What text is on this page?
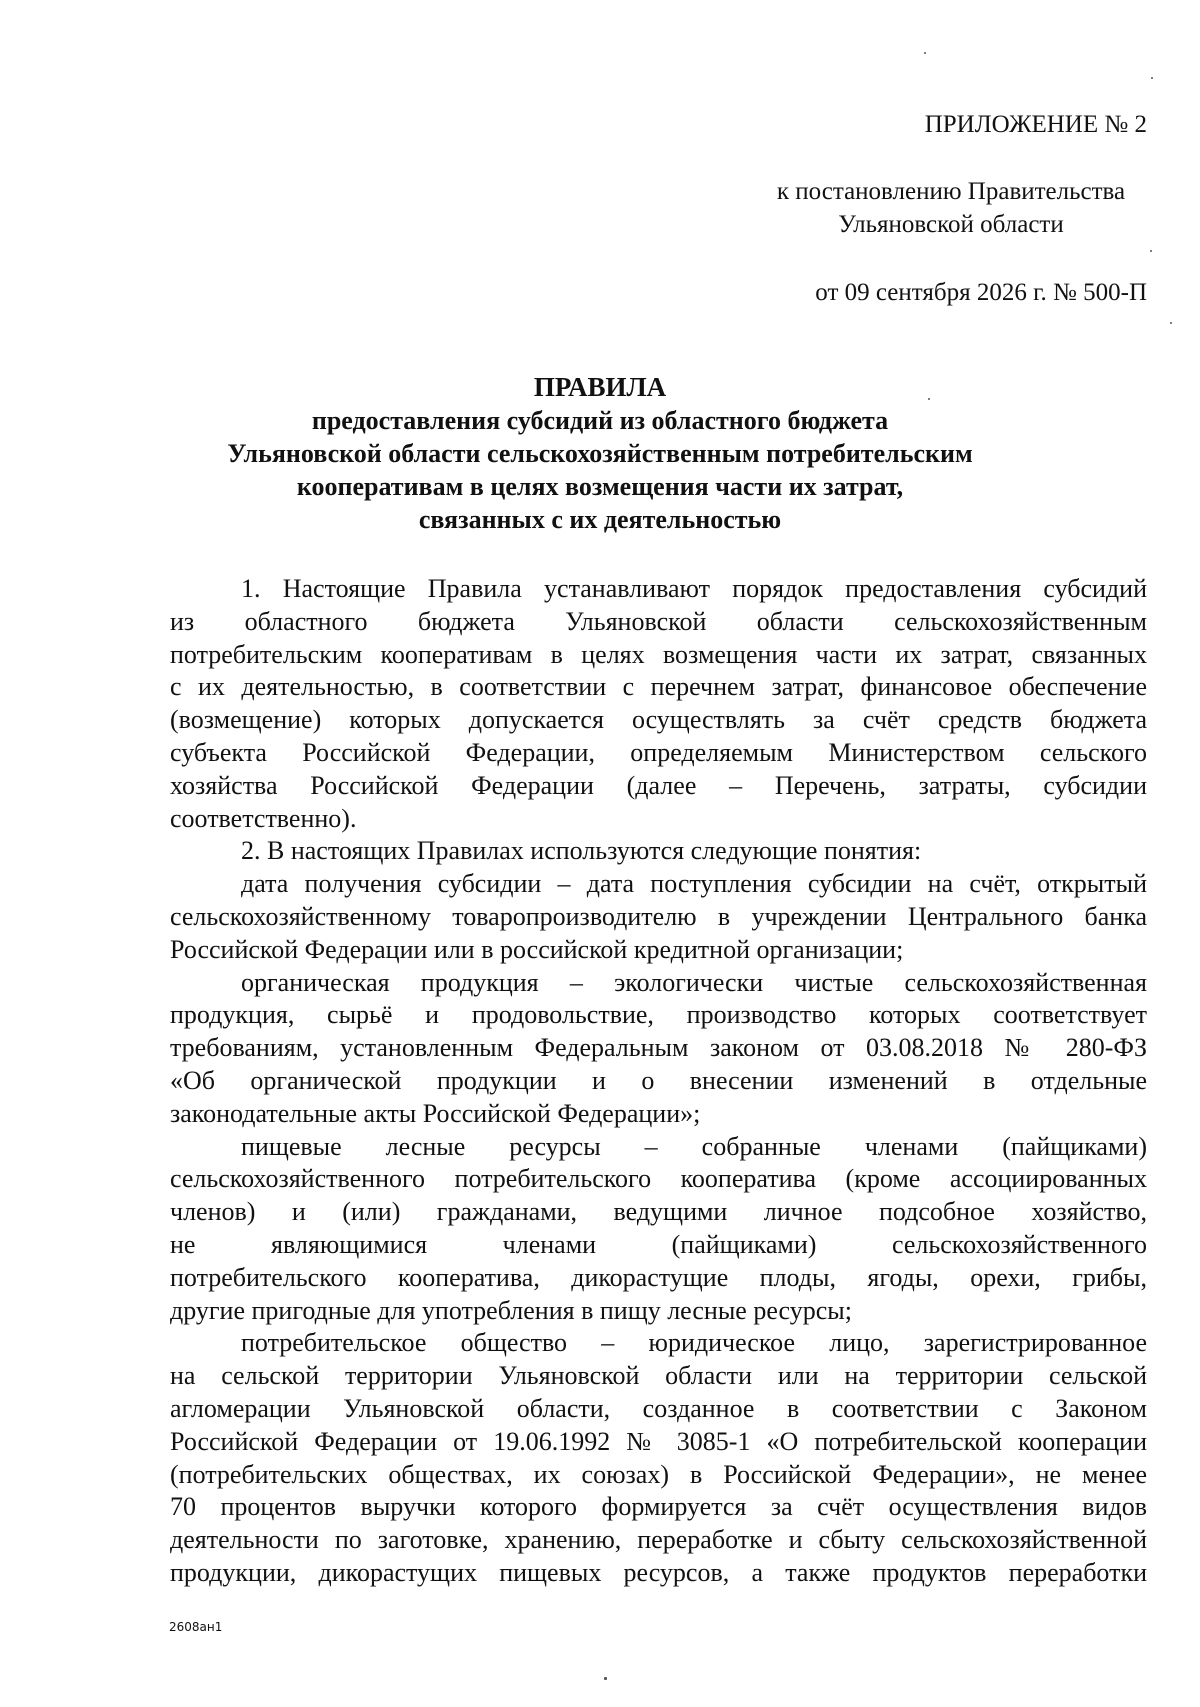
ПРИЛОЖЕНИЕ № 2
к постановлению Правительства
Ульяновской области
от 09 сентября 2026 г. № 500-П
ПРАВИЛА
предоставления субсидий из областного бюджета
Ульяновской области сельскохозяйственным потребительским
кооперативам в целях возмещения части их затрат,
связанных с их деятельностью
1. Настоящие Правила устанавливают порядок предоставления субсидий
из областного бюджета Ульяновской области сельскохозяйственным
потребительским кооперативам в целях возмещения части их затрат, связанных
с их деятельностью, в соответствии с перечнем затрат, финансовое обеспечение
(возмещение) которых допускается осуществлять за счёт средств бюджета
субъекта Российской Федерации, определяемым Министерством сельского
хозяйства Российской Федерации (далее – Перечень, затраты, субсидии
соответственно).
2. В настоящих Правилах используются следующие понятия:
дата получения субсидии – дата поступления субсидии на счёт, открытый
сельскохозяйственному товаропроизводителю в учреждении Центрального банка
Российской Федерации или в российской кредитной организации;
органическая продукция – экологически чистые сельскохозяйственная
продукция, сырьё и продовольствие, производство которых соответствует
требованиям, установленным Федеральным законом от 03.08.2018 № 280-ФЗ
«Об органической продукции и о внесении изменений в отдельные
законодательные акты Российской Федерации»;
пищевые лесные ресурсы – собранные членами (пайщиками)
сельскохозяйственного потребительского кооператива (кроме ассоциированных
членов) и (или) гражданами, ведущими личное подсобное хозяйство,
не являющимися членами (пайщиками) сельскохозяйственного
потребительского кооператива, дикорастущие плоды, ягоды, орехи, грибы,
другие пригодные для употребления в пищу лесные ресурсы;
потребительское общество – юридическое лицо, зарегистрированное
на сельской территории Ульяновской области или на территории сельской
агломерации Ульяновской области, созданное в соответствии с Законом
Российской Федерации от 19.06.1992 № 3085-1 «О потребительской кооперации
(потребительских обществах, их союзах) в Российской Федерации», не менее
70 процентов выручки которого формируется за счёт осуществления видов
деятельности по заготовке, хранению, переработке и сбыту сельскохозяйственной
продукции, дикорастущих пищевых ресурсов, а также продуктов переработки
2608ан1
